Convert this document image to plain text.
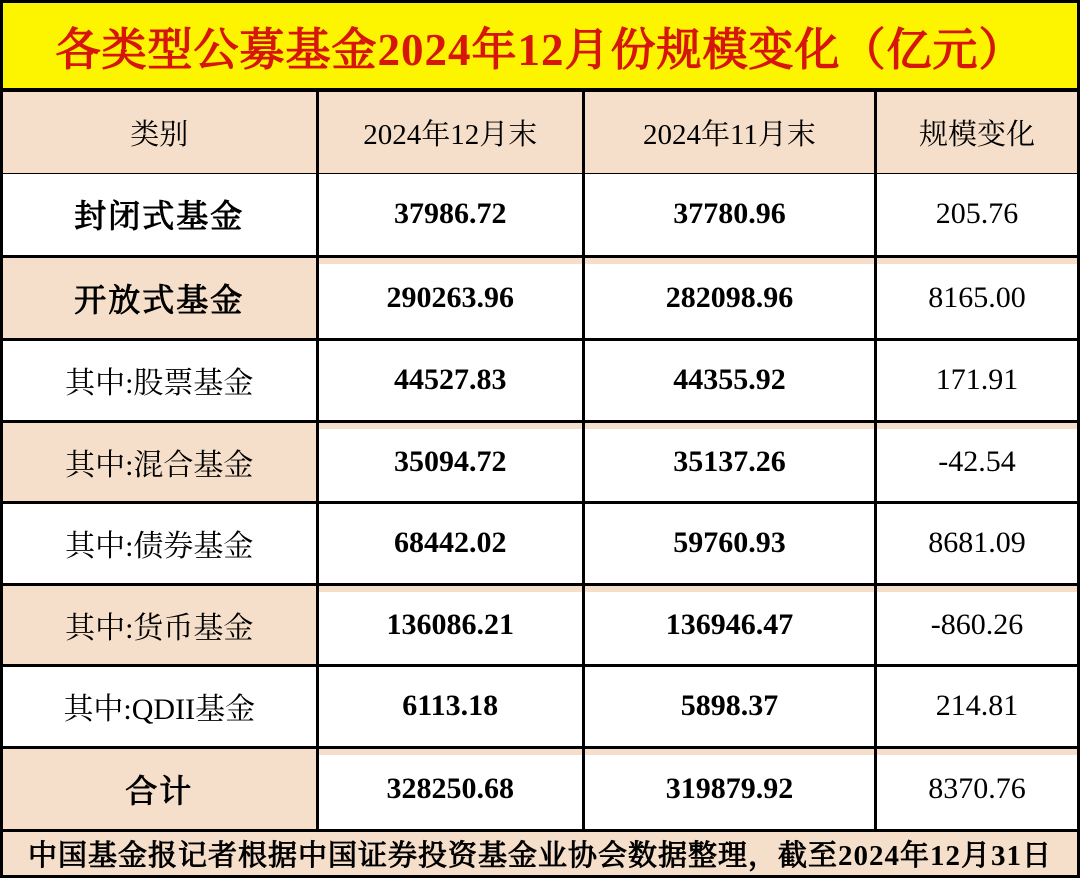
各类型公募基金2024年12月份规模变化（亿元）
类别	2024年12月末	2024年11月末	规模变化
封闭式基金	37986.72	37780.96	205.76
开放式基金	290263.96	282098.96	8165.00
其中:股票基金	44527.83	44355.92	171.91
其中:混合基金	35094.72	35137.26	-42.54
其中:债券基金	68442.02	59760.93	8681.09
其中:货币基金	136086.21	136946.47	-860.26
其中:QDII基金	6113.18	5898.37	214.81
合计	328250.68	319879.92	8370.76

中国基金报记者根据中国证券投资基金业协会数据整理，截至2024年12月31日
